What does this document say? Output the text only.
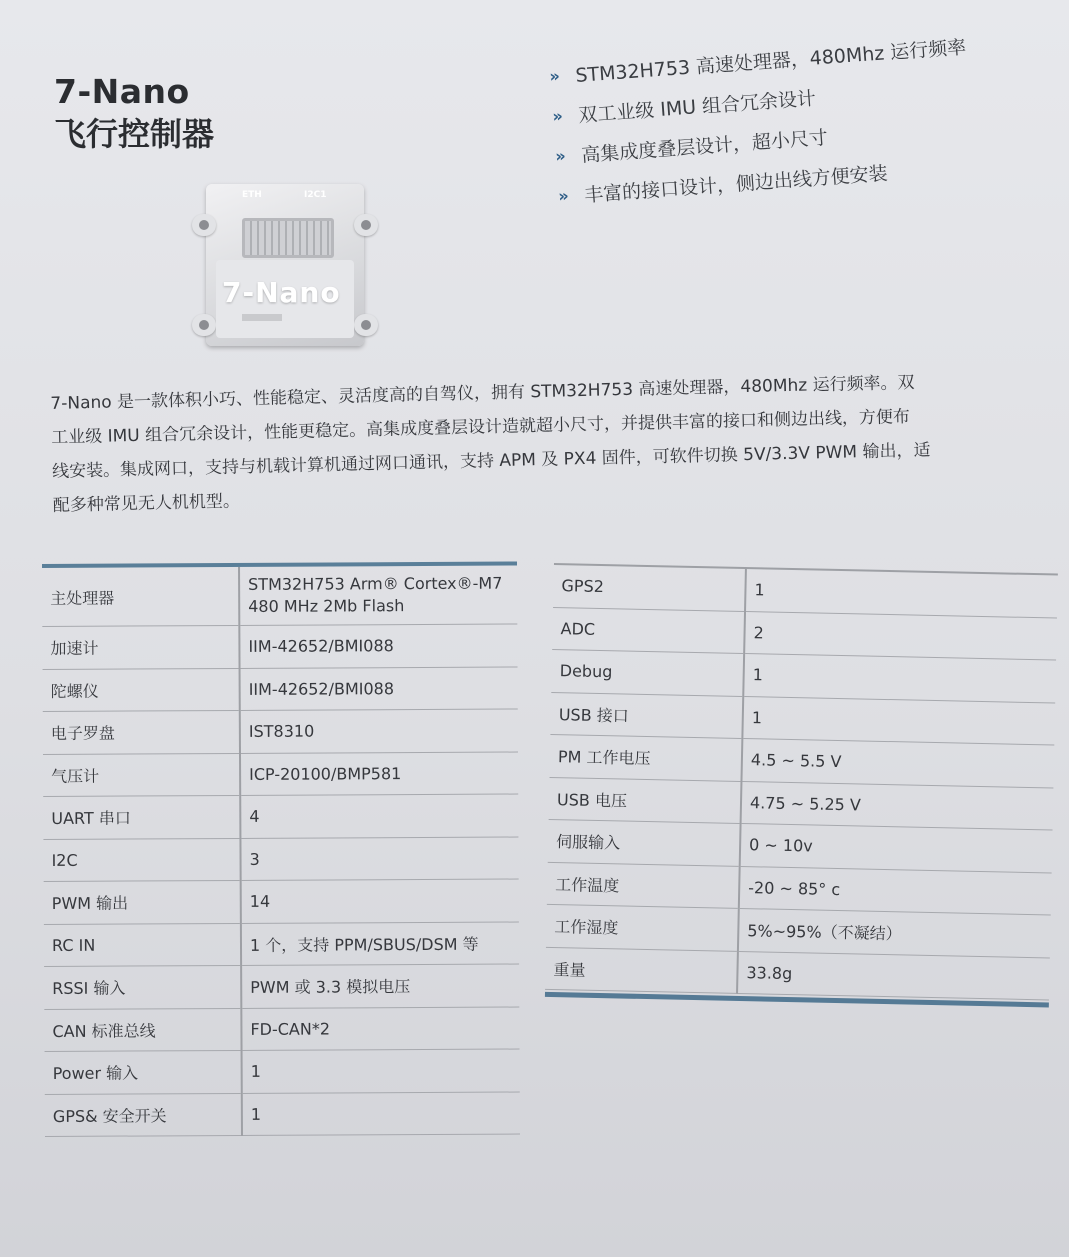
7-Nano
飞行控制器
ETH	I2C1
7-Nano
» STM32H753 高速处理器，480Mhz 运行频率
» 双工业级 IMU 组合冗余设计
» 高集成度叠层设计，超小尺寸
» 丰富的接口设计，侧边出线方便安装

7-Nano 是一款体积小巧、性能稳定、灵活度高的自驾仪，拥有 STM32H753 高速处理器，480Mhz 运行频率。双

工业级 IMU 组合冗余设计，性能更稳定。高集成度叠层设计造就超小尺寸，并提供丰富的接口和侧边出线，方便布

线安装。集成网口，支持与机载计算机通过网口通讯，支持 APM 及 PX4 固件，可软件切换 5V/3.3V PWM 输出，适

配多种常见无人机机型。

主处理器	STM32H753 Arm® Cortex®-M7
480 MHz 2Mb Flash

加速计	IIM-42652/BMI088
陀螺仪	IIM-42652/BMI088
电子罗盘	IST8310
气压计	ICP-20100/BMP581
UART 串口	4
I2C	3
PWM 输出	14
RC IN	1 个，支持 PPM/SBUS/DSM 等
RSSI 输入	PWM 或 3.3 模拟电压
CAN 标准总线	FD-CAN*2
Power 输入	1
GPS& 安全开关	1
GPS2	1
ADC	2
Debug	1
USB 接口	1
PM 工作电压	4.5 ~ 5.5 V
USB 电压	4.75 ~ 5.25 V
伺服输入	0 ~ 10v
工作温度	-20 ~ 85° c
工作湿度	5%~95%（不凝结）
重量	33.8g
